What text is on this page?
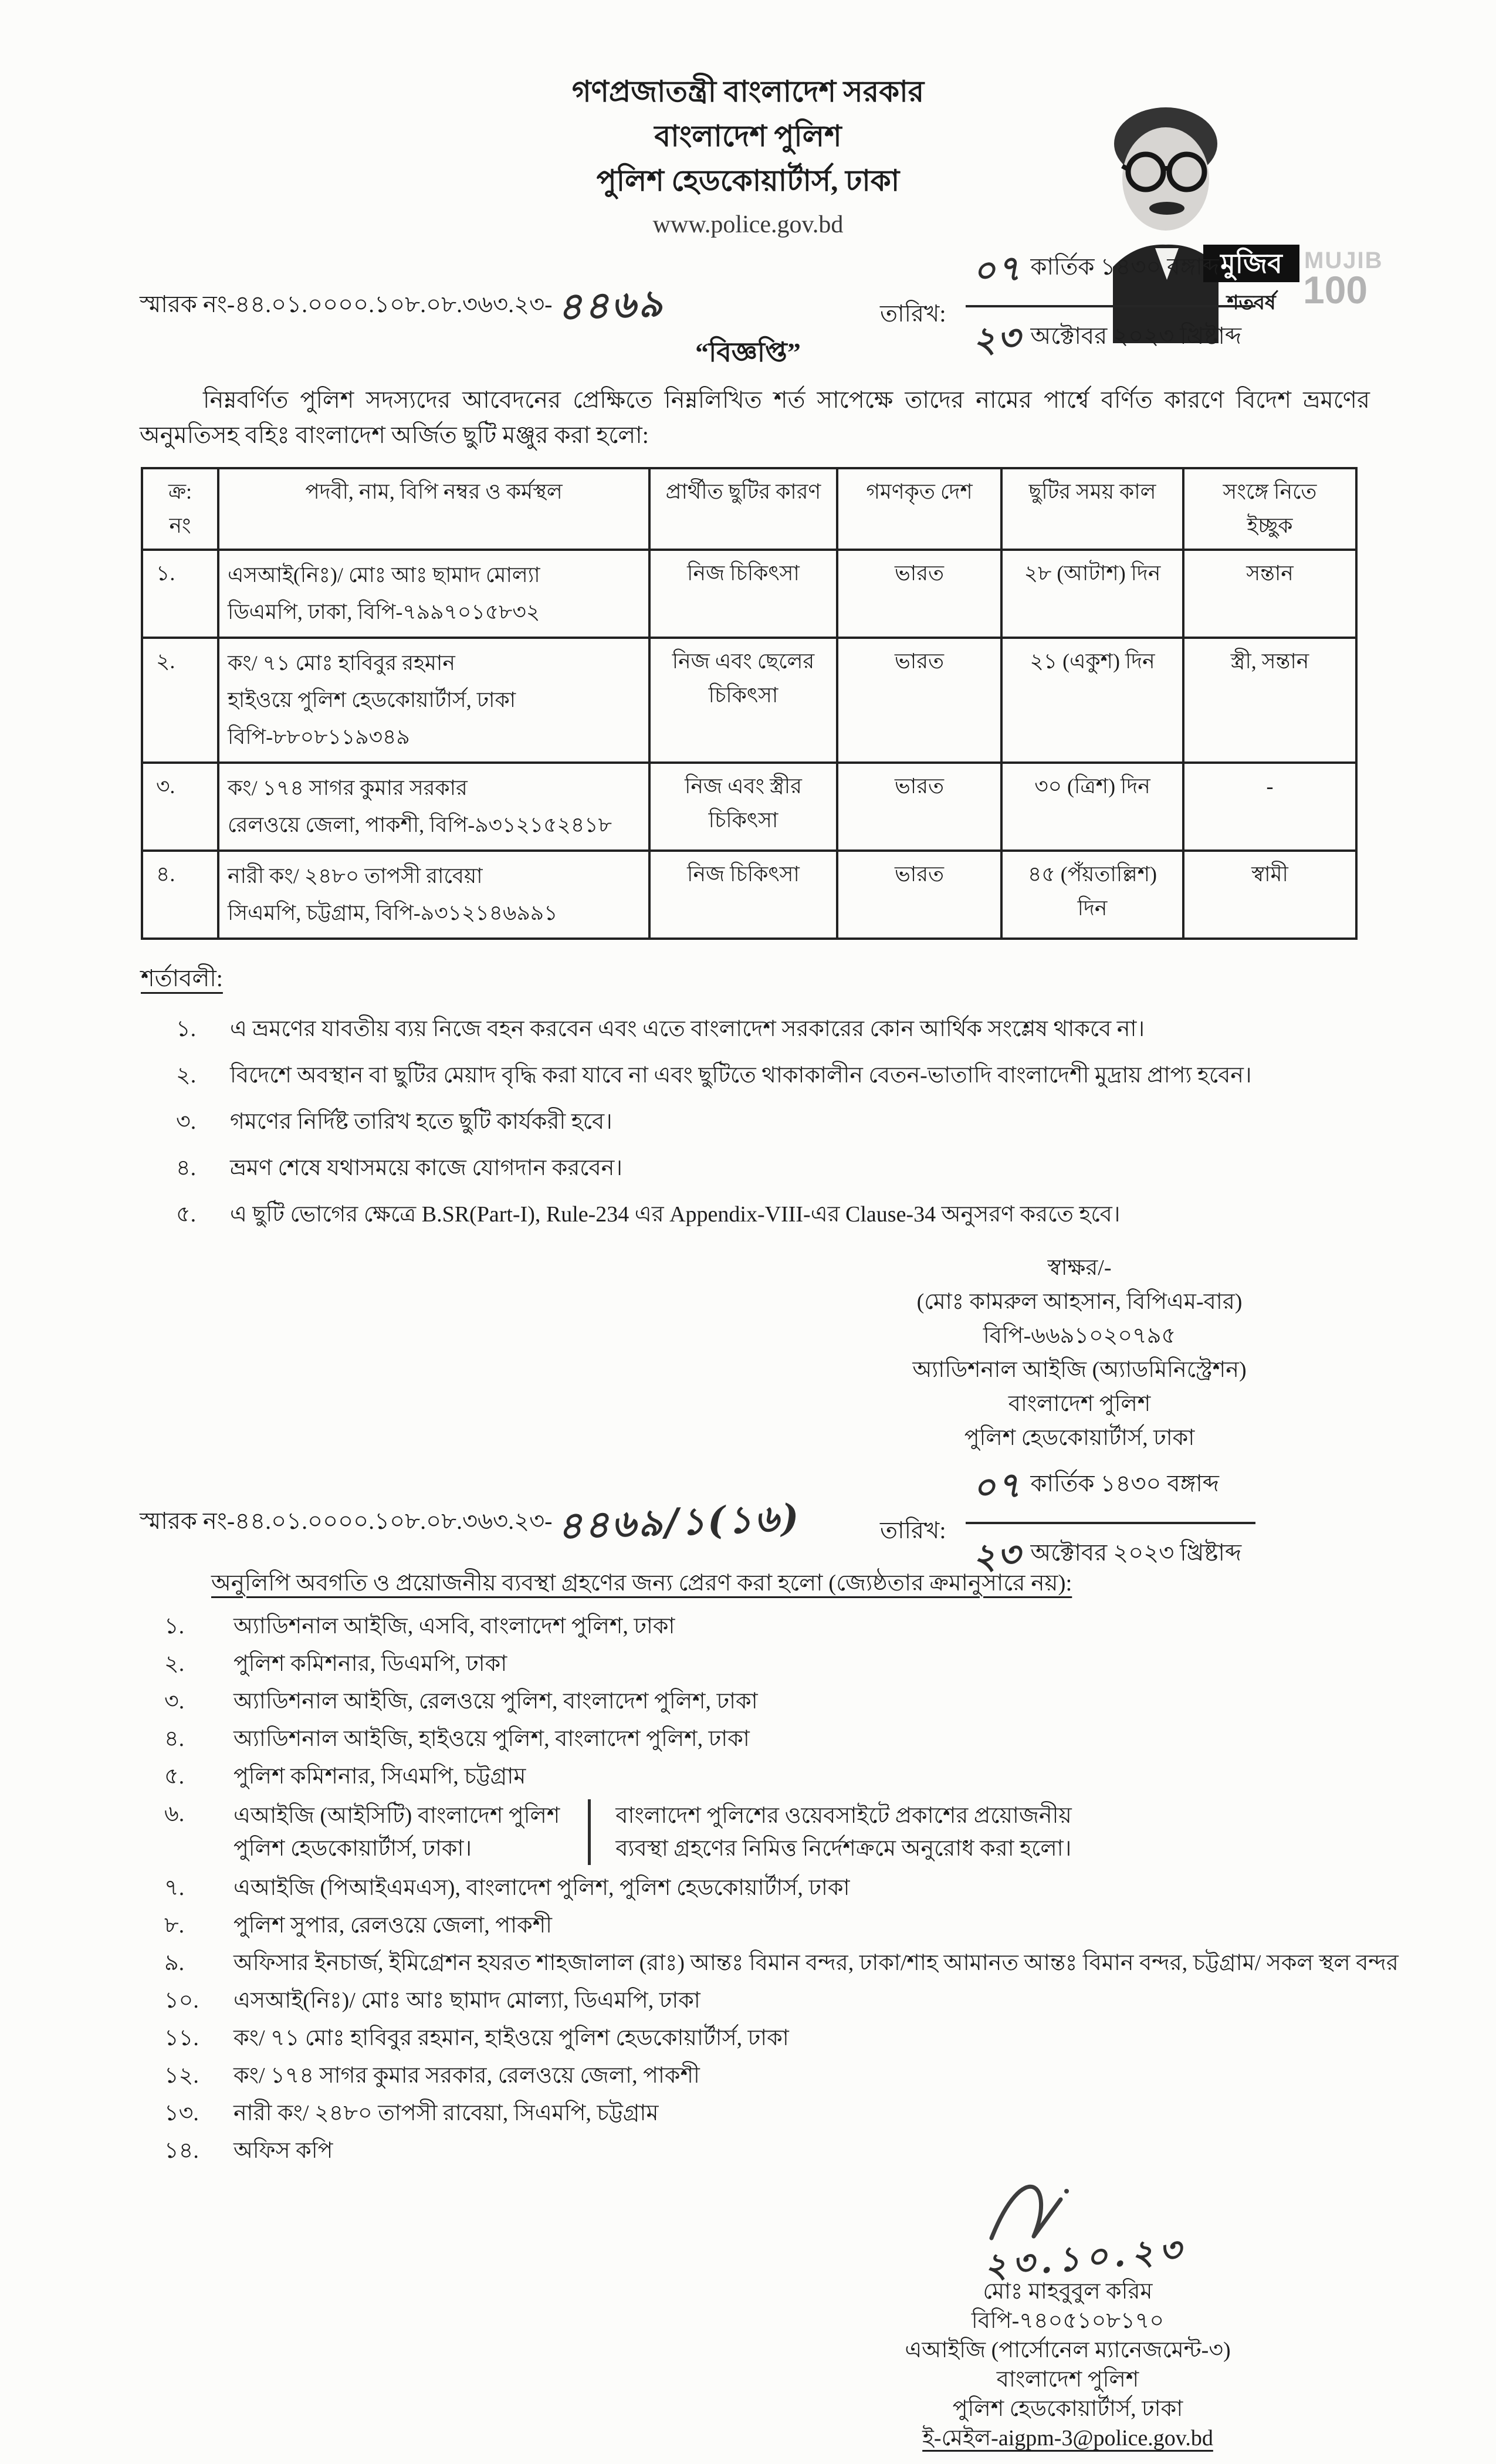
মুজিব
শতবর্ষ
MUJIB
100
গণপ্রজাতন্ত্রী বাংলাদেশ সরকার
বাংলাদেশ পুলিশ
পুলিশ হেডকোয়ার্টার্স, ঢাকা
www.police.gov.bd
স্মারক নং-৪৪.০১.০০০০.১০৮.০৮.৩৬৩.২৩- ৪৪৬৯	তারিখ: $\frac{\text{০৭ কার্তিক ১৪৩০ বঙ্গাব্দ}}{\text{২৩ অক্টোবর ২০২৩ খ্রিষ্টাব্দ}}$
“বিজ্ঞপ্তি”
নিম্নবর্ণিত পুলিশ সদস্যদের আবেদনের প্রেক্ষিতে নিম্নলিখিত শর্ত সাপেক্ষে তাদের নামের পার্শ্বে বর্ণিত কারণে বিদেশ ভ্রমণের অনুমতিসহ বহিঃ বাংলাদেশ অর্জিত ছুটি মঞ্জুর করা হলো:
ক্র:
নং	পদবী, নাম, বিপি নম্বর ও কর্মস্থল	প্রার্থীত ছুটির কারণ	গমণকৃত দেশ	ছুটির সময় কাল	সংঙ্গে নিতে
ইচ্ছুক
১.	এসআই(নিঃ)/ মোঃ আঃ ছামাদ মোল্যা
ডিএমপি, ঢাকা, বিপি-৭৯৯৭০১৫৮৩২	নিজ চিকিৎসা	ভারত	২৮ (আটাশ) দিন	সন্তান
২.	কং/ ৭১ মোঃ হাবিবুর রহমান
হাইওয়ে পুলিশ হেডকোয়ার্টার্স, ঢাকা
বিপি-৮৮০৮১১৯৩৪৯	নিজ এবং ছেলের
চিকিৎসা	ভারত	২১ (একুশ) দিন	স্ত্রী, সন্তান
৩.	কং/ ১৭৪ সাগর কুমার সরকার
রেলওয়ে জেলা, পাকশী, বিপি-৯৩১২১৫২৪১৮	নিজ এবং স্ত্রীর চিকিৎসা	ভারত	৩০ (ত্রিশ) দিন	-
৪.	নারী কং/ ২৪৮০ তাপসী রাবেয়া
সিএমপি, চট্টগ্রাম, বিপি-৯৩১২১৪৬৯৯১	নিজ চিকিৎসা	ভারত	৪৫ (পঁয়তাল্লিশ) দিন	স্বামী
শর্তাবলী:
১.	এ ভ্রমণের যাবতীয় ব্যয় নিজে বহন করবেন এবং এতে বাংলাদেশ সরকারের কোন আর্থিক সংশ্লেষ থাকবে না।
২.	বিদেশে অবস্থান বা ছুটির মেয়াদ বৃদ্ধি করা যাবে না এবং ছুটিতে থাকাকালীন বেতন-ভাতাদি বাংলাদেশী মুদ্রায় প্রাপ্য হবেন।
৩.	গমণের নির্দিষ্ট তারিখ হতে ছুটি কার্যকরী হবে।
৪.	ভ্রমণ শেষে যথাসময়ে কাজে যোগদান করবেন।
৫.	এ ছুটি ভোগের ক্ষেত্রে B.SR(Part-I), Rule-234 এর Appendix-VIII-এর Clause-34 অনুসরণ করতে হবে।
স্বাক্ষর/-
(মোঃ কামরুল আহসান, বিপিএম-বার)
বিপি-৬৬৯১০২০৭৯৫
অ্যাডিশনাল আইজি (অ্যাডমিনিস্ট্রেশন)
বাংলাদেশ পুলিশ
পুলিশ হেডকোয়ার্টার্স, ঢাকা
স্মারক নং-৪৪.০১.০০০০.১০৮.০৮.৩৬৩.২৩- ৪৪৬৯/১(১৬)	তারিখ: $\frac{\text{০৭ কার্তিক ১৪৩০ বঙ্গাব্দ}}{\text{২৩ অক্টোবর ২০২৩ খ্রিষ্টাব্দ}}$
অনুলিপি অবগতি ও প্রয়োজনীয় ব্যবস্থা গ্রহণের জন্য প্রেরণ করা হলো (জ্যেষ্ঠতার ক্রমানুসারে নয়):
১.	অ্যাডিশনাল আইজি, এসবি, বাংলাদেশ পুলিশ, ঢাকা
২.	পুলিশ কমিশনার, ডিএমপি, ঢাকা
৩.	অ্যাডিশনাল আইজি, রেলওয়ে পুলিশ, বাংলাদেশ পুলিশ, ঢাকা
৪.	অ্যাডিশনাল আইজি, হাইওয়ে পুলিশ, বাংলাদেশ পুলিশ, ঢাকা
৫.	পুলিশ কমিশনার, সিএমপি, চট্টগ্রাম
৬.	এআইজি (আইসিটি) বাংলাদেশ পুলিশ
পুলিশ হেডকোয়ার্টার্স, ঢাকা।
বাংলাদেশ পুলিশের ওয়েবসাইটে প্রকাশের প্রয়োজনীয়
ব্যবস্থা গ্রহণের নিমিত্ত নির্দেশক্রমে অনুরোধ করা হলো।
৭.	এআইজি (পিআইএমএস), বাংলাদেশ পুলিশ, পুলিশ হেডকোয়ার্টার্স, ঢাকা
৮.	পুলিশ সুপার, রেলওয়ে জেলা, পাকশী
৯.	অফিসার ইনচার্জ, ইমিগ্রেশন হযরত শাহজালাল (রাঃ) আন্তঃ বিমান বন্দর, ঢাকা/শাহ আমানত আন্তঃ বিমান বন্দর, চট্টগ্রাম/ সকল স্থল বন্দর
১০.	এসআই(নিঃ)/ মোঃ আঃ ছামাদ মোল্যা, ডিএমপি, ঢাকা
১১.	কং/ ৭১ মোঃ হাবিবুর রহমান, হাইওয়ে পুলিশ হেডকোয়ার্টার্স, ঢাকা
১২.	কং/ ১৭৪ সাগর কুমার সরকার, রেলওয়ে জেলা, পাকশী
১৩.	নারী কং/ ২৪৮০ তাপসী রাবেয়া, সিএমপি, চট্টগ্রাম
১৪.	অফিস কপি
২৩.১০.২৩
মোঃ মাহবুবুল করিম
বিপি-৭৪০৫১০৮১৭০
এআইজি (পার্সোনেল ম্যানেজমেন্ট-৩)
বাংলাদেশ পুলিশ
পুলিশ হেডকোয়ার্টার্স, ঢাকা
ই-মেইল-aigpm-3@police.gov.bd
